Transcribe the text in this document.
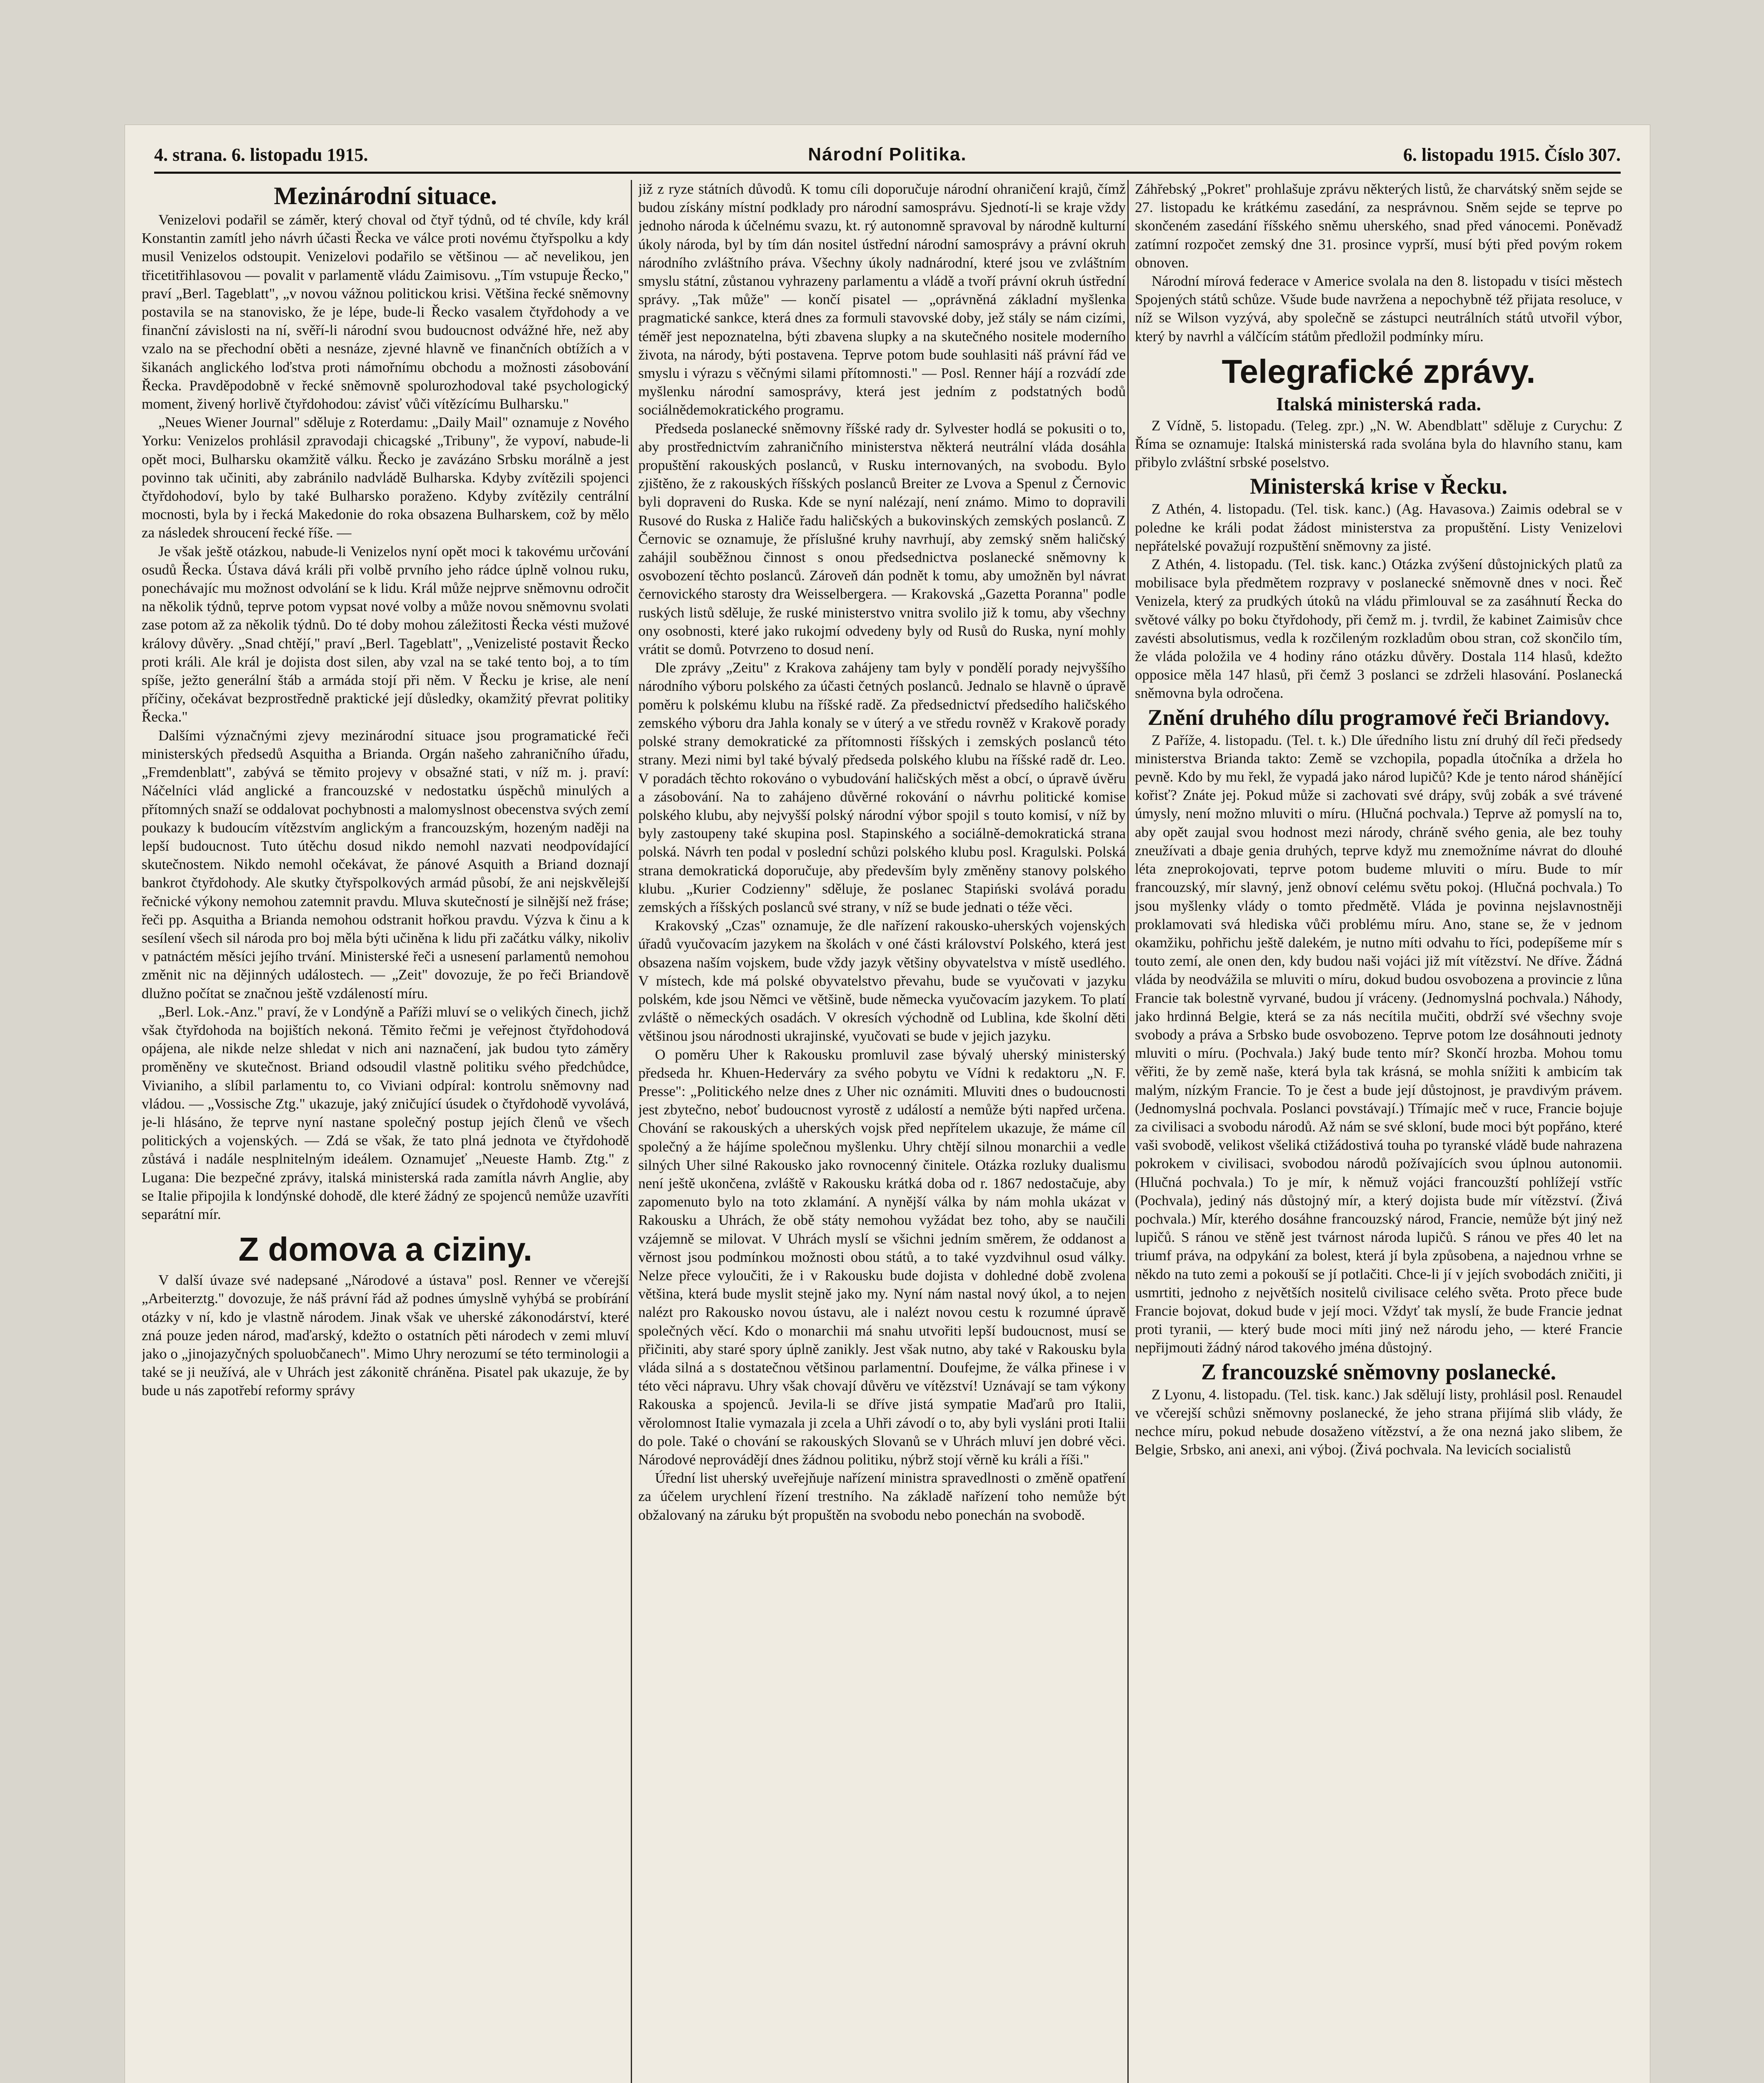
4. strana. 6. listopadu 1915.	Národní Politika.	6. listopadu 1915. Číslo 307.
Mezinárodní situace.

Venizelovi podařil se záměr, který choval od čtyř týdnů, od té chvíle, kdy král Konstantin zamítl jeho návrh účasti Řecka ve válce proti novému čtyřspolku a kdy musil Venizelos odstoupit. Venizelovi podařilo se většinou — ač nevelikou, jen třicetitřihlasovou — povalit v parlamentě vládu Zaimisovu. „Tím vstupuje Řecko," praví „Berl. Tageblatt", „v novou vážnou politickou krisi. Většina řecké sněmovny postavila se na stanovisko, že je lépe, bude-li Řecko vasalem čtyřdohody a ve finanční závislosti na ní, svěří-li národní svou budoucnost odvážné hře, než aby vzalo na se přechodní oběti a nesnáze, zjevné hlavně ve finančních obtížích a v šikanách anglického loďstva proti námořnímu obchodu a možnosti zásobování Řecka. Pravděpodobně v řecké sněmovně spolurozhodoval také psychologický moment, živený horlivě čtyřdohodou: závisť vůči vítězícímu Bulharsku."

„Neues Wiener Journal" sděluje z Roterdamu: „Daily Mail" oznamuje z Nového Yorku: Venizelos prohlásil zpravodaji chicagské „Tribuny", že vypoví, nabude-li opět moci, Bulharsku okamžitě válku. Řecko je zavázáno Srbsku morálně a jest povinno tak učiniti, aby zabránilo nadvládě Bulharska. Kdyby zvítězili spojenci čtyřdohodoví, bylo by také Bulharsko poraženo. Kdyby zvítězily centrální mocnosti, byla by i řecká Makedonie do roka obsazena Bulharskem, což by mělo za následek shroucení řecké říše. —

Je však ještě otázkou, nabude-li Venizelos nyní opět moci k takovému určování osudů Řecka. Ústava dává králi při volbě prvního jeho rádce úplně volnou ruku, ponechávajíc mu možnost odvolání se k lidu. Král může nejprve sněmovnu odročit na několik týdnů, teprve potom vypsat nové volby a může novou sněmovnu svolati zase potom až za několik týdnů. Do té doby mohou záležitosti Řecka vésti mužové královy důvěry. „Snad chtějí," praví „Berl. Tageblatt", „Venizelisté postavit Řecko proti králi. Ale král je dojista dost silen, aby vzal na se také tento boj, a to tím spíše, ježto generální štáb a armáda stojí při něm. V Řecku je krise, ale není příčiny, očekávat bezprostředně praktické její důsledky, okamžitý převrat politiky Řecka."

Dalšími význačnými zjevy mezinárodní situace jsou programatické řeči ministerských předsedů Asquitha a Brianda. Orgán našeho zahraničního úřadu, „Fremdenblatt", zabývá se těmito projevy v obsažné stati, v níž m. j. praví: Náčelníci vlád anglické a francouzské v nedostatku úspěchů minulých a přítomných snaží se oddalovat pochybnosti a malomyslnost obecenstva svých zemí poukazy k budoucím vítězstvím anglickým a francouzským, hozeným naději na lepší budoucnost. Tuto útěchu dosud nikdo nemohl nazvati neodpovídající skutečnostem. Nikdo nemohl očekávat, že pánové Asquith a Briand doznají bankrot čtyřdohody. Ale skutky čtyřspolkových armád působí, že ani nejskvělejší řečnické výkony nemohou zatemnit pravdu. Mluva skutečností je silnější než fráse; řeči pp. Asquitha a Brianda nemohou odstranit hořkou pravdu. Výzva k činu a k sesílení všech sil národa pro boj měla býti učiněna k lidu při začátku války, nikoliv v patnáctém měsíci jejího trvání. Ministerské řeči a usnesení parlamentů nemohou změnit nic na dějinných událostech. — „Zeit" dovozuje, že po řeči Briandově dlužno počítat se značnou ještě vzdáleností míru.

„Berl. Lok.-Anz." praví, že v Londýně a Paříži mluví se o velikých činech, jichž však čtyřdohoda na bojištích nekoná. Těmito řečmi je veřejnost čtyřdohodová opájena, ale nikde nelze shledat v nich ani naznačení, jak budou tyto záměry proměněny ve skutečnost. Briand odsoudil vlastně politiku svého předchůdce, Vivianiho, a slíbil parlamentu to, co Viviani odpíral: kontrolu sněmovny nad vládou. — „Vossische Ztg." ukazuje, jaký zničující úsudek o čtyřdohodě vyvolává, je-li hlásáno, že teprve nyní nastane společný postup jejích členů ve všech politických a vojenských. — Zdá se však, že tato plná jednota ve čtyřdohodě zůstává i nadále nesplnitelným ideálem. Oznamujeť „Neueste Hamb. Ztg." z Lugana: Die bezpečné zprávy, italská ministerská rada zamítla návrh Anglie, aby se Italie připojila k londýnské dohodě, dle které žádný ze spojenců nemůže uzavříti separátní mír.

Z domova a ciziny.

V další úvaze své nadepsané „Národové a ústava" posl. Renner ve včerejší „Arbeiterztg." dovozuje, že náš právní řád až podnes úmyslně vyhýbá se probírání otázky v ní, kdo je vlastně národem. Jinak však ve uherské zákonodárství, které zná pouze jeden národ, maďarský, kdežto o ostatních pěti národech v zemi mluví jako o „jinojazyčných spoluobčanech". Mimo Uhry nerozumí se této terminologii a také se ji neužívá, ale v Uhrách jest zákonitě chráněna. Pisatel pak ukazuje, že by bude u nás zapotřebí reformy správy

již z ryze státních důvodů. K tomu cíli doporučuje národní ohraničení krajů, čímž budou získány místní podklady pro národní samosprávu. Sjednotí-li se kraje vždy jednoho národa k účelnému svazu, kt. rý autonomně spravoval by národně kulturní úkoly národa, byl by tím dán nositel ústřední národní samosprávy a právní okruh národního zvláštního práva. Všechny úkoly nadnárodní, které jsou ve zvláštním smyslu státní, zůstanou vyhrazeny parlamentu a vládě a tvoří právní okruh ústřední správy. „Tak může" — končí pisatel — „oprávněná základní myšlenka pragmatické sankce, která dnes za formuli stavovské doby, jež stály se nám cizími, téměř jest nepoznatelna, býti zbavena slupky a na skutečného nositele moderního života, na národy, býti postavena. Teprve potom bude souhlasiti náš právní řád ve smyslu i výrazu s věčnými silami přítomnosti." — Posl. Renner hájí a rozvádí zde myšlenku národní samosprávy, která jest jedním z podstatných bodů sociálnědemokratického programu.

Předseda poslanecké sněmovny říšské rady dr. Sylvester hodlá se pokusiti o to, aby prostřednictvím zahraničního ministerstva některá neutrální vláda dosáhla propuštění rakouských poslanců, v Rusku internovaných, na svobodu. Bylo zjištěno, že z rakouských říšských poslanců Breiter ze Lvova a Spenul z Černovic byli dopraveni do Ruska. Kde se nyní nalézají, není známo. Mimo to dopravili Rusové do Ruska z Haliče řadu haličských a bukovinských zemských poslanců. Z Černovic se oznamuje, že příslušné kruhy navrhují, aby zemský sněm haličský zahájil souběžnou činnost s onou předsednictva poslanecké sněmovny k osvobození těchto poslanců. Zároveň dán podnět k tomu, aby umožněn byl návrat černovického starosty dra Weisselbergera. — Krakovská „Gazetta Poranna" podle ruských listů sděluje, že ruské ministerstvo vnitra svolilo již k tomu, aby všechny ony osobnosti, které jako rukojmí odvedeny byly od Rusů do Ruska, nyní mohly vrátit se domů. Potvrzeno to dosud není.

Dle zprávy „Zeitu" z Krakova zahájeny tam byly v pondělí porady nejvyššího národního výboru polského za účasti četných poslanců. Jednalo se hlavně o úpravě poměru k polskému klubu na říšské radě. Za předsednictví předsedího haličského zemského výboru dra Jahla konaly se v úterý a ve středu rovněž v Krakově porady polské strany demokratické za přítomnosti říšských i zemských poslanců této strany. Mezi nimi byl také bývalý předseda polského klubu na říšské radě dr. Leo. V poradách těchto rokováno o vybudování haličských měst a obcí, o úpravě úvěru a zásobování. Na to zahájeno důvěrné rokování o návrhu politické komise polského klubu, aby nejvyšší polský národní výbor spojil s touto komisí, v níž by byly zastoupeny také skupina posl. Stapinského a sociálně-demokratická strana polská. Návrh ten podal v poslední schůzi polského klubu posl. Kragulski. Polská strana demokratická doporučuje, aby především byly změněny stanovy polského klubu. „Kurier Codzienny" sděluje, že poslanec Stapiński svolává poradu zemských a říšských poslanců své strany, v níž se bude jednati o téže věci.

Krakovský „Czas" oznamuje, že dle nařízení rakousko-uherských vojenských úřadů vyučovacím jazykem na školách v oné části království Polského, která jest obsazena naším vojskem, bude vždy jazyk většiny obyvatelstva v místě usedlého. V místech, kde má polské obyvatelstvo převahu, bude se vyučovati v jazyku polském, kde jsou Němci ve většině, bude německa vyučovacím jazykem. To platí zvláště o německých osadách. V okresích východně od Lublina, kde školní děti většinou jsou národnosti ukrajinské, vyučovati se bude v jejich jazyku.

O poměru Uher k Rakousku promluvil zase bývalý uherský ministerský předseda hr. Khuen-Hederváry za svého pobytu ve Vídni k redaktoru „N. F. Presse": „Politického nelze dnes z Uher nic oznámiti. Mluviti dnes o budoucnosti jest zbytečno, neboť budoucnost vyrostě z událostí a nemůže býti napřed určena. Chování se rakouských a uherských vojsk před nepřítelem ukazuje, že máme cíl společný a že hájíme společnou myšlenku. Uhry chtějí silnou monarchii a vedle silných Uher silné Rakousko jako rovnocenný činitele. Otázka rozluky dualismu není ještě ukončena, zvláště v Rakousku krátká doba od r. 1867 nedostačuje, aby zapomenuto bylo na toto zklamání. A nynější válka by nám mohla ukázat v Rakousku a Uhrách, že obě státy nemohou vyžádat bez toho, aby se naučili vzájemně se milovat. V Uhrách myslí se všichni jedním směrem, že oddanost a věrnost jsou podmínkou možnosti obou států, a to také vyzdvihnul osud války. Nelze přece vyloučiti, že i v Rakousku bude dojista v dohledné době zvolena většina, která bude myslit stejně jako my. Nyní nám nastal nový úkol, a to nejen nalézt pro Rakousko novou ústavu, ale i nalézt novou cestu k rozumné úpravě společných věcí. Kdo o monarchii má snahu utvořiti lepší budoucnost, musí se přičiniti, aby staré spory úplně zanikly. Jest však nutno, aby také v Rakousku byla vláda silná a s dostatečnou většinou parlamentní. Doufejme, že válka přinese i v této věci nápravu. Uhry však chovají důvěru ve vítězství! Uznávají se tam výkony Rakouska a spojenců. Jevila-li se dříve jistá sympatie Maďarů pro Italii, věrolomnost Italie vymazala ji zcela a Uhři závodí o to, aby byli vysláni proti Italii do pole. Také o chování se rakouských Slovanů se v Uhrách mluví jen dobré věci. Národové neprovádějí dnes žádnou politiku, nýbrž stojí věrně ku králi a říši."

Úřední list uherský uveřejňuje nařízení ministra spravedlnosti o změně opatření za účelem urychlení řízení trestního. Na základě nařízení toho nemůže být obžalovaný na záruku být propuštěn na svobodu nebo ponechán na svobodě.

Záhřebský „Pokret" prohlašuje zprávu některých listů, že charvátský sněm sejde se 27. listopadu ke krátkému zasedání, za nesprávnou. Sněm sejde se teprve po skončeném zasedání říšského sněmu uherského, snad před vánocemi. Poněvadž zatímní rozpočet zemský dne 31. prosince vyprší, musí býti před povým rokem obnoven.

Národní mírová federace v Americe svolala na den 8. listopadu v tisíci městech Spojených států schůze. Všude bude navržena a nepochybně též přijata resoluce, v níž se Wilson vyzývá, aby společně se zástupci neutrálních států utvořil výbor, který by navrhl a válčícím státům předložil podmínky míru.

Telegrafické zprávy.
Italská ministerská rada.

Z Vídně, 5. listopadu. (Teleg. zpr.) „N. W. Abendblatt" sděluje z Curychu: Z Říma se oznamuje: Italská ministerská rada svolána byla do hlavního stanu, kam přibylo zvláštní srbské poselstvo.

Ministerská krise v Řecku.

Z Athén, 4. listopadu. (Tel. tisk. kanc.) (Ag. Havasova.) Zaimis odebral se v poledne ke králi podat žádost ministerstva za propuštění. Listy Venizelovi nepřátelské považují rozpuštění sněmovny za jisté.

Z Athén, 4. listopadu. (Tel. tisk. kanc.) Otázka zvýšení důstojnických platů za mobilisace byla předmětem rozpravy v poslanecké sněmovně dnes v noci. Řeč Venizela, který za prudkých útoků na vládu přimlouval se za zasáhnutí Řecka do světové války po boku čtyřdohody, při čemž m. j. tvrdil, že kabinet Zaimisův chce zavésti absolutismus, vedla k rozčileným rozkladům obou stran, což skončilo tím, že vláda položila ve 4 hodiny ráno otázku důvěry. Dostala 114 hlasů, kdežto opposice měla 147 hlasů, při čemž 3 poslanci se zdrželi hlasování. Poslanecká sněmovna byla odročena.

Znění druhého dílu programové řeči Briandovy.

Z Paříže, 4. listopadu. (Tel. t. k.) Dle úředního listu zní druhý díl řeči předsedy ministerstva Brianda takto: Země se vzchopila, popadla útočníka a držela ho pevně. Kdo by mu řekl, že vypadá jako národ lupičů? Kde je tento národ shánějící kořisť? Znáte jej. Pokud může si zachovati své drápy, svůj zobák a své trávené úmysly, není možno mluviti o míru. (Hlučná pochvala.) Teprve až pomyslí na to, aby opět zaujal svou hodnost mezi národy, chráně svého genia, ale bez touhy zneužívati a dbaje genia druhých, teprve když mu znemožníme návrat do dlouhé léta zneprokojovati, teprve potom budeme mluviti o míru. Bude to mír francouzský, mír slavný, jenž obnoví celému světu pokoj. (Hlučná pochvala.) To jsou myšlenky vlády o tomto předmětě. Vláda je povinna nejslavnostněji proklamovati svá hlediska vůči problému míru. Ano, stane se, že v jednom okamžiku, pohřichu ještě dalekém, je nutno míti odvahu to říci, podepíšeme mír s touto zemí, ale onen den, kdy budou naši vojáci již mít vítězství. Ne dříve. Žádná vláda by neodvážila se mluviti o míru, dokud budou osvobozena a provincie z lůna Francie tak bolestně vyrvané, budou jí vráceny. (Jednomyslná pochvala.) Náhody, jako hrdinná Belgie, která se za nás necítila mučiti, obdrží své všechny svoje svobody a práva a Srbsko bude osvobozeno. Teprve potom lze dosáhnouti jednoty mluviti o míru. (Pochvala.) Jaký bude tento mír? Skončí hrozba. Mohou tomu věřiti, že by země naše, která byla tak krásná, se mohla snížiti k ambicím tak malým, nízkým Francie. To je čest a bude její důstojnost, je pravdivým právem. (Jednomyslná pochvala. Poslanci povstávají.) Třímajíc meč v ruce, Francie bojuje za civilisaci a svobodu národů. Až nám se své skloní, bude moci být popřáno, které vaši svobodě, velikost všeliká ctižádostivá touha po tyranské vládě bude nahrazena pokrokem v civilisaci, svobodou národů požívajících svou úplnou autonomii. (Hlučná pochvala.) To je mír, k němuž vojáci francouzští pohlížejí vstříc (Pochvala), jediný nás důstojný mír, a který dojista bude mír vítězství. (Živá pochvala.) Mír, kterého dosáhne francouzský národ, Francie, nemůže být jiný než lupičů. S ránou ve stěně jest tvárnost národa lupičů. S ránou ve přes 40 let na triumf práva, na odpykání za bolest, která jí byla způsobena, a najednou vrhne se někdo na tuto zemi a pokouší se jí potlačiti. Chce-li jí v jejích svobodách zničiti, ji usmrtiti, jednoho z největších nositelů civilisace celého světa. Proto přece bude Francie bojovat, dokud bude v její moci. Vždyť tak myslí, že bude Francie jednat proti tyranii, — který bude moci míti jiný než národu jeho, — které Francie nepřijmouti žádný národ takového jména důstojný.

Z francouzské sněmovny poslanecké.

Z Lyonu, 4. listopadu. (Tel. tisk. kanc.) Jak sdělují listy, prohlásil posl. Renaudel ve včerejší schůzi sněmovny poslanecké, že jeho strana přijímá slib vlády, že nechce míru, pokud nebude dosaženo vítězství, a že ona nezná jako slibem, že Belgie, Srbsko, ani anexi, ani výboj. (Živá pochvala. Na levicích socialistů
